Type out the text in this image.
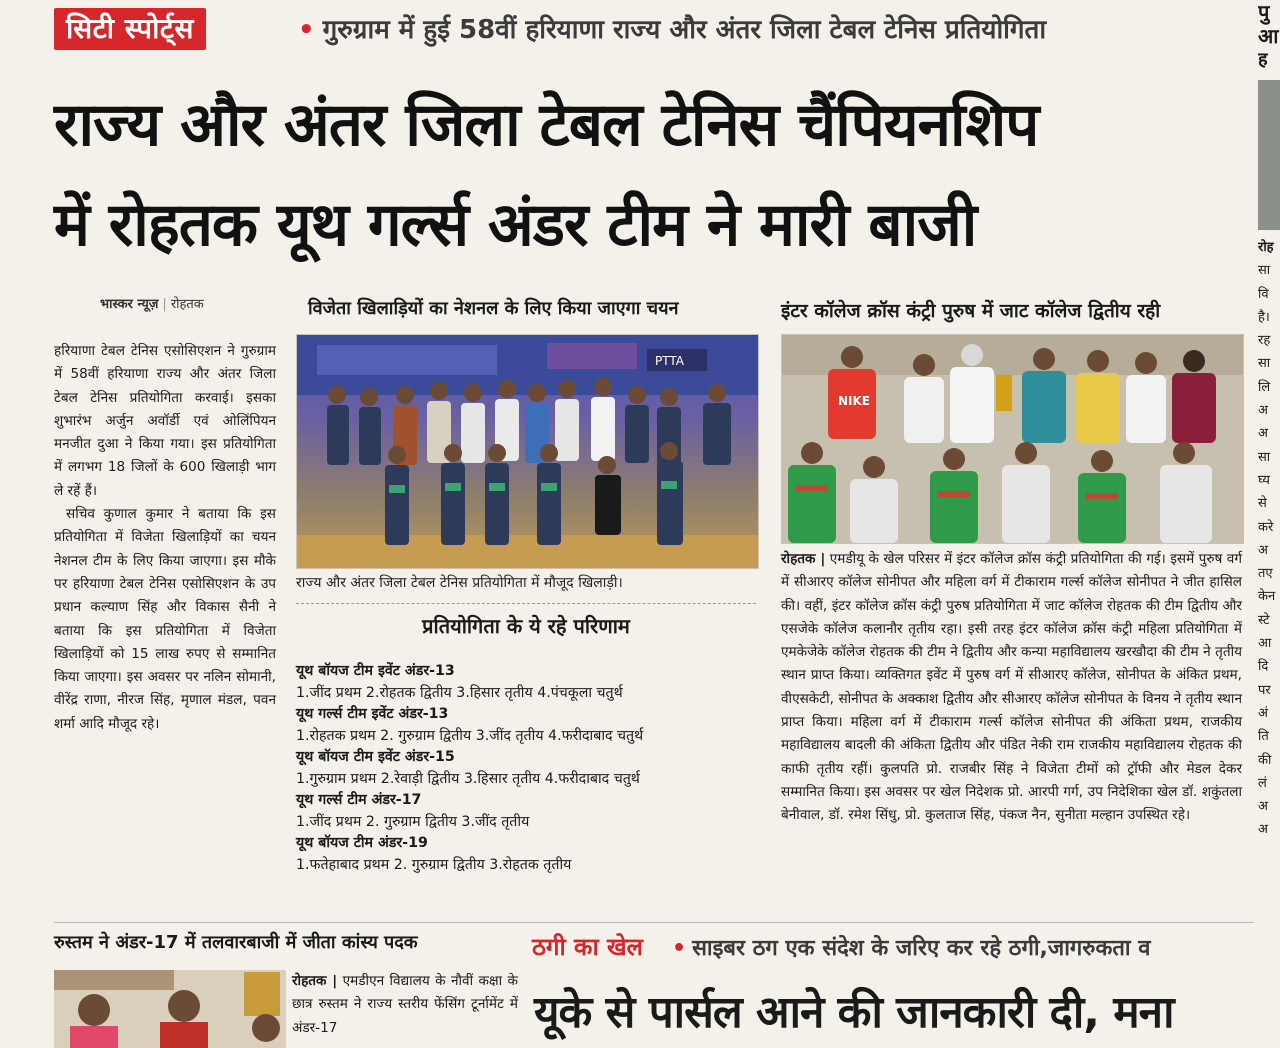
सिटी स्पोर्ट्स	• गुरुग्राम में हुई 58वीं हरियाणा राज्य और अंतर जिला टेबल टेनिस प्रतियोगिता
राज्य और अंतर जिला टेबल टेनिस चैंपियनशिप
में रोहतक यूथ गर्ल्स अंडर टीम ने मारी बाजी
भास्कर न्यूज़ | रोहतक

हरियाणा टेबल टेनिस एसोसिएशन ने गुरुग्राम में 58वीं हरियाणा राज्य और अंतर जिला टेबल टेनिस प्रतियोगिता करवाई। इसका शुभारंभ अर्जुन अवॉर्डी एवं ओलिंपियन मनजीत दुआ ने किया गया। इस प्रतियोगिता में लगभग 18 जिलों के 600 खिलाड़ी भाग ले रहें हैं।

सचिव कुणाल कुमार ने बताया कि इस प्रतियोगिता में विजेता खिलाड़ियों का चयन नेशनल टीम के लिए किया जाएगा। इस मौके पर हरियाणा टेबल टेनिस एसोसिएशन के उप प्रधान कल्याण सिंह और विकास सैनी ने बताया कि इस प्रतियोगिता में विजेता खिलाड़ियों को 15 लाख रुपए से सम्मानित किया जाएगा। इस अवसर पर नलिन सोमानी, वीरेंद्र राणा, नीरज सिंह, मृणाल मंडल, पवन शर्मा आदि मौजूद रहे।

विजेता खिलाड़ियों का नेशनल के लिए किया जाएगा चयन
PTTA
राज्य और अंतर जिला टेबल टेनिस प्रतियोगिता में मौजूद खिलाड़ी।
प्रतियोगिता के ये रहे परिणाम
यूथ बॉयज टीम इवेंट अंडर-13
1.जींद प्रथम 2.रोहतक द्वितीय 3.हिसार तृतीय 4.पंचकूला चतुर्थ
यूथ गर्ल्स टीम इवेंट अंडर-13
1.रोहतक प्रथम 2. गुरुग्राम द्वितीय 3.जींद तृतीय 4.फरीदाबाद चतुर्थ
यूथ बॉयज टीम इवेंट अंडर-15
1.गुरुग्राम प्रथम 2.रेवाड़ी द्वितीय 3.हिसार तृतीय 4.फरीदाबाद चतुर्थ
यूथ गर्ल्स टीम अंडर-17
1.जींद प्रथम 2. गुरुग्राम द्वितीय 3.जींद तृतीय
यूथ बॉयज टीम अंडर-19
1.फतेहाबाद प्रथम 2. गुरुग्राम द्वितीय 3.रोहतक तृतीय
इंटर कॉलेज क्रॉस कंट्री पुरुष में जाट कॉलेज द्वितीय रही
NIKE
रोहतक | एमडीयू के खेल परिसर में इंटर कॉलेज क्रॉस कंट्री प्रतियोगिता की गई। इसमें पुरुष वर्ग में सीआरए कॉलेज सोनीपत और महिला वर्ग में टीकाराम गर्ल्स कॉलेज सोनीपत ने जीत हासिल की। वहीं, इंटर कॉलेज क्रॉस कंट्री पुरुष प्रतियोगिता में जाट कॉलेज रोहतक की टीम द्वितीय और एसजेके कॉलेज कलानौर तृतीय रहा। इसी तरह इंटर कॉलेज क्रॉस कंट्री महिला प्रतियोगिता में एमकेजेके कॉलेज रोहतक की टीम ने द्वितीय और कन्या महाविद्यालय खरखौदा की टीम ने तृतीय स्थान प्राप्त किया। व्यक्तिगत इवेंट में पुरुष वर्ग में सीआरए कॉलेज, सोनीपत के अंकित प्रथम, वीएसकेटी, सोनीपत के अक्काश द्वितीय और सीआरए कॉलेज सोनीपत के विनय ने तृतीय स्थान प्राप्त किया। महिला वर्ग में टीकाराम गर्ल्स कॉलेज सोनीपत की अंकिता प्रथम, राजकीय महाविद्यालय बादली की अंकिता द्वितीय और पंडित नेकी राम राजकीय महाविद्यालय रोहतक की काफी तृतीय रहीं। कुलपति प्रो. राजबीर सिंह ने विजेता टीमों को ट्रॉफी और मेडल देकर सम्मानित किया। इस अवसर पर खेल निदेशक प्रो. आरपी गर्ग, उप निदेशिका खेल डॉ. शकुंतला बेनीवाल, डॉ. रमेश सिंधु, प्रो. कुलताज सिंह, पंकज नैन, सुनीता मल्हान उपस्थित रहे।
पु
आ
ह
रोह
सा
वि
है।
रह
सा
लि
अ
अ
सा
घ्य
से
करे
अ
तए
केन
स्टे
आ
दि
पर
अं
ति
की
लं
अ
अ
रुस्तम ने अंडर-17 में तलवारबाजी में जीता कांस्य पदक
रोहतक | एमडीएन विद्यालय के नौवीं कक्षा के छात्र रुस्तम ने राज्य स्तरीय फेंसिंग टूर्नामेंट में अंडर-17
ठगी का खेल • साइबर ठग एक संदेश के जरिए कर रहे ठगी,जागरुकता व
यूके से पार्सल आने की जानकारी दी, मना
